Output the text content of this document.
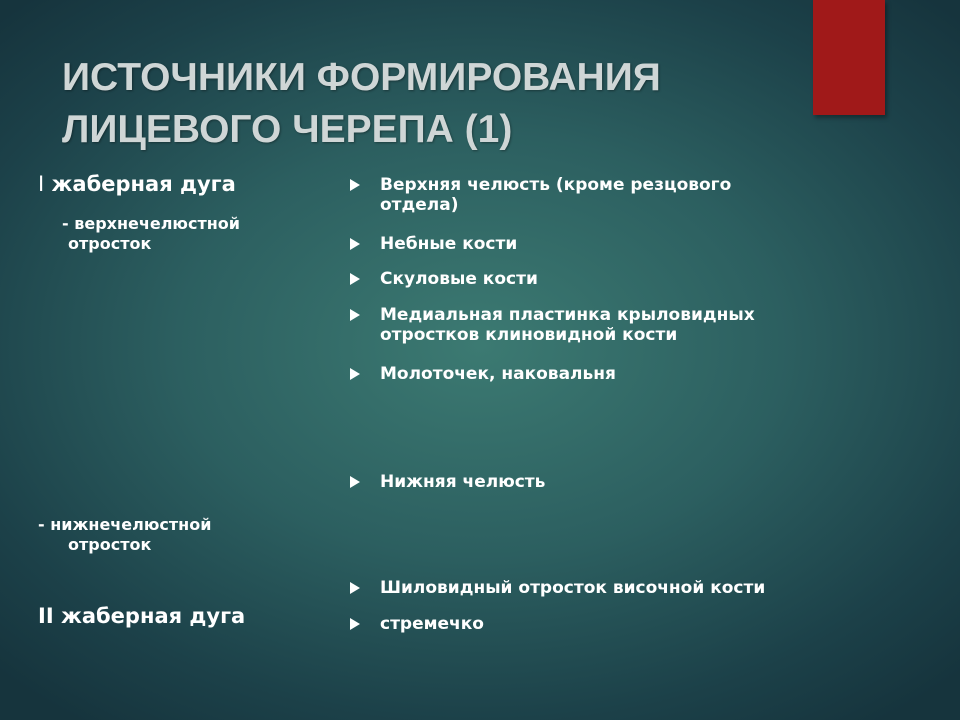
ИСТОЧНИКИ ФОРМИРОВАНИЯ
ЛИЦЕВОГО ЧЕРЕПА (1)
I жаберная дуга
- верхнечелюстной
отросток
- нижнечелюстной
отросток
II жаберная дуга
Верхняя челюсть (кроме резцового
отдела)
Небные кости
Скуловые кости
Медиальная пластинка крыловидных
отростков клиновидной кости
Молоточек, наковальня
Нижняя челюсть
Шиловидный отросток височной кости
стремечко
